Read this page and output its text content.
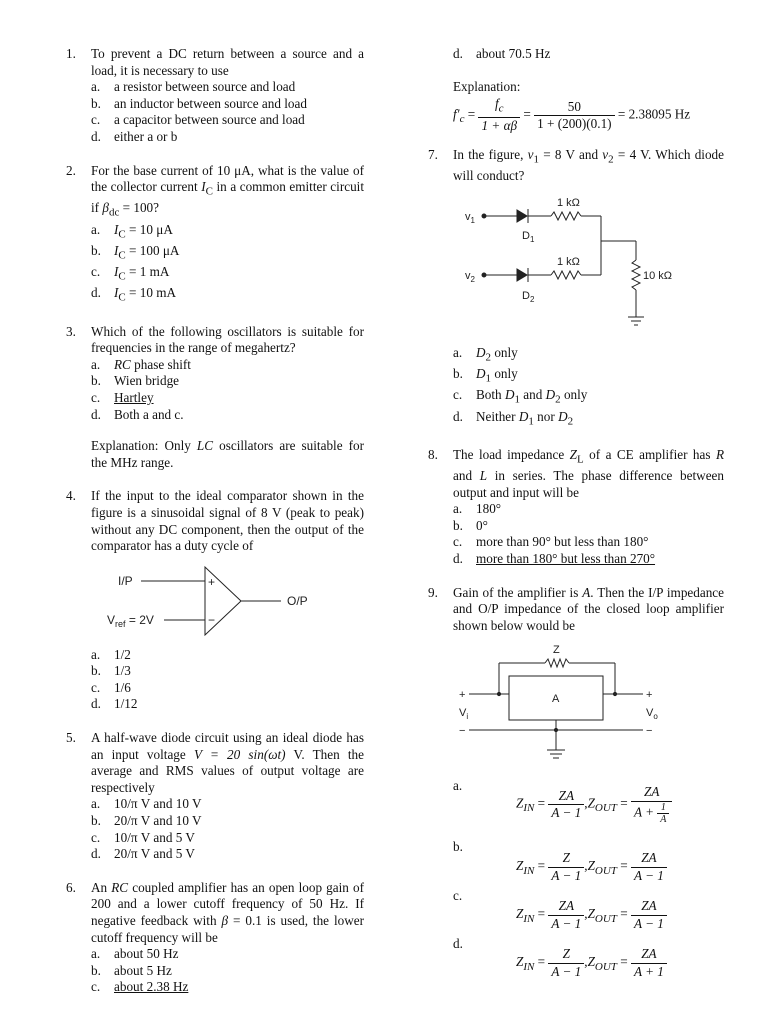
1. To prevent a DC return between a source and a load, it is necessary to use
a. a resistor between source and load
b. an inductor between source and load
c. a capacitor between source and load
d. either a or b
2. For the base current of 10 μA, what is the value of the collector current $I_C$ in a common emitter circuit if $\beta_{dc} = 100$?
a. $I_C = 10$ μA
b. $I_C = 100$ μA
c. $I_C = 1$ mA
d. $I_C = 10$ mA
3. Which of the following oscillators is suitable for frequencies in the range of megahertz?
a. RC phase shift
b. Wien bridge
c. Hartley
d. Both a and c.
Explanation: Only LC oscillators are suitable for the MHz range.
4. If the input to the ideal comparator shown in the figure is a sinusoidal signal of 8 V (peak to peak) without any DC component, then the output of the comparator has a duty cycle of
I/P	+
−
O/P
$V_{ref} = 2V$
a. 1/2
b. 1/3
c. 1/6
d. 1/12
5. A half-wave diode circuit using an ideal diode has an input voltage V = 20 sin(ωt) V. Then the average and RMS values of output voltage are respectively
a. 10/π V and 10 V
b. 20/π V and 10 V
c. 10/π V and 5 V
d. 20/π V and 5 V
6. An RC coupled amplifier has an open loop gain of 200 and a lower cutoff frequency of 50 Hz. If negative feedback with β = 0.1 is used, the lower cutoff frequency will be
a. about 50 Hz
b. about 5 Hz
c. about 2.38 Hz
d. about 70.5 Hz
Explanation:
$f'_c = \frac{f_c}{1 + \alpha\beta} = \frac{50}{1 + (200)(0.1)} = 2.38095$ Hz
7. In the figure, $v_1 = 8$ V and $v_2 = 4$ V. Which diode will conduct?
$v_1$
1 kΩ
$D_1$
10 kΩ
$v_2$
1 kΩ
$D_2$
a. $D_2$ only
b. $D_1$ only
c. Both $D_1$ and $D_2$ only
d. Neither $D_1$ nor $D_2$
8. The load impedance $Z_L$ of a CE amplifier has R and L in series. The phase difference between output and input will be
a. 180°
b. 0°
c. more than 90° but less than 180°
d. more than 180° but less than 270°
9. Gain of the amplifier is A. Then the I/P impedance and O/P impedance of the closed loop amplifier shown below would be
Z
A
+
$V_i$
−
+
$V_o$
−
a.
$Z_{IN} = \frac{ZA}{A - 1} ,Z_{OUT} = \frac{ZA}{A + \frac{1}{A}}$
b.
$Z_{IN} = \frac{Z}{A - 1} ,Z_{OUT} = \frac{ZA}{A - 1}$
c.
$Z_{IN} = \frac{ZA}{A - 1} ,Z_{OUT} = \frac{ZA}{A - 1}$
d.
$Z_{IN} = \frac{Z}{A - 1} ,Z_{OUT} = \frac{ZA}{A + 1}$
